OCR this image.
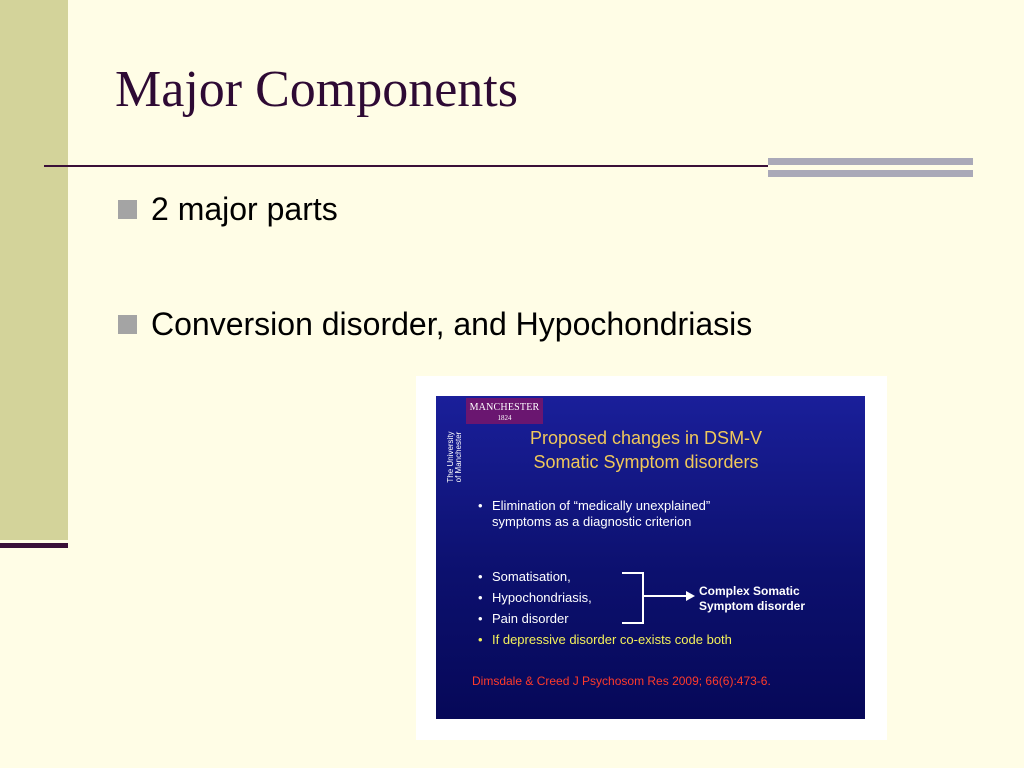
Major Components
2 major parts
Conversion disorder, and Hypochondriasis
MANCHESTER
1824
The University
of Manchester	Proposed changes in DSM-V
Somatic Symptom disorders
• Elimination of “medically unexplained”
symptoms as a diagnostic criterion
• Somatisation,
• Hypochondriasis,
• Pain disorder
• If depressive disorder co-exists code both
Complex Somatic
Symptom disorder
Dimsdale & Creed J Psychosom Res 2009; 66(6):473-6.
